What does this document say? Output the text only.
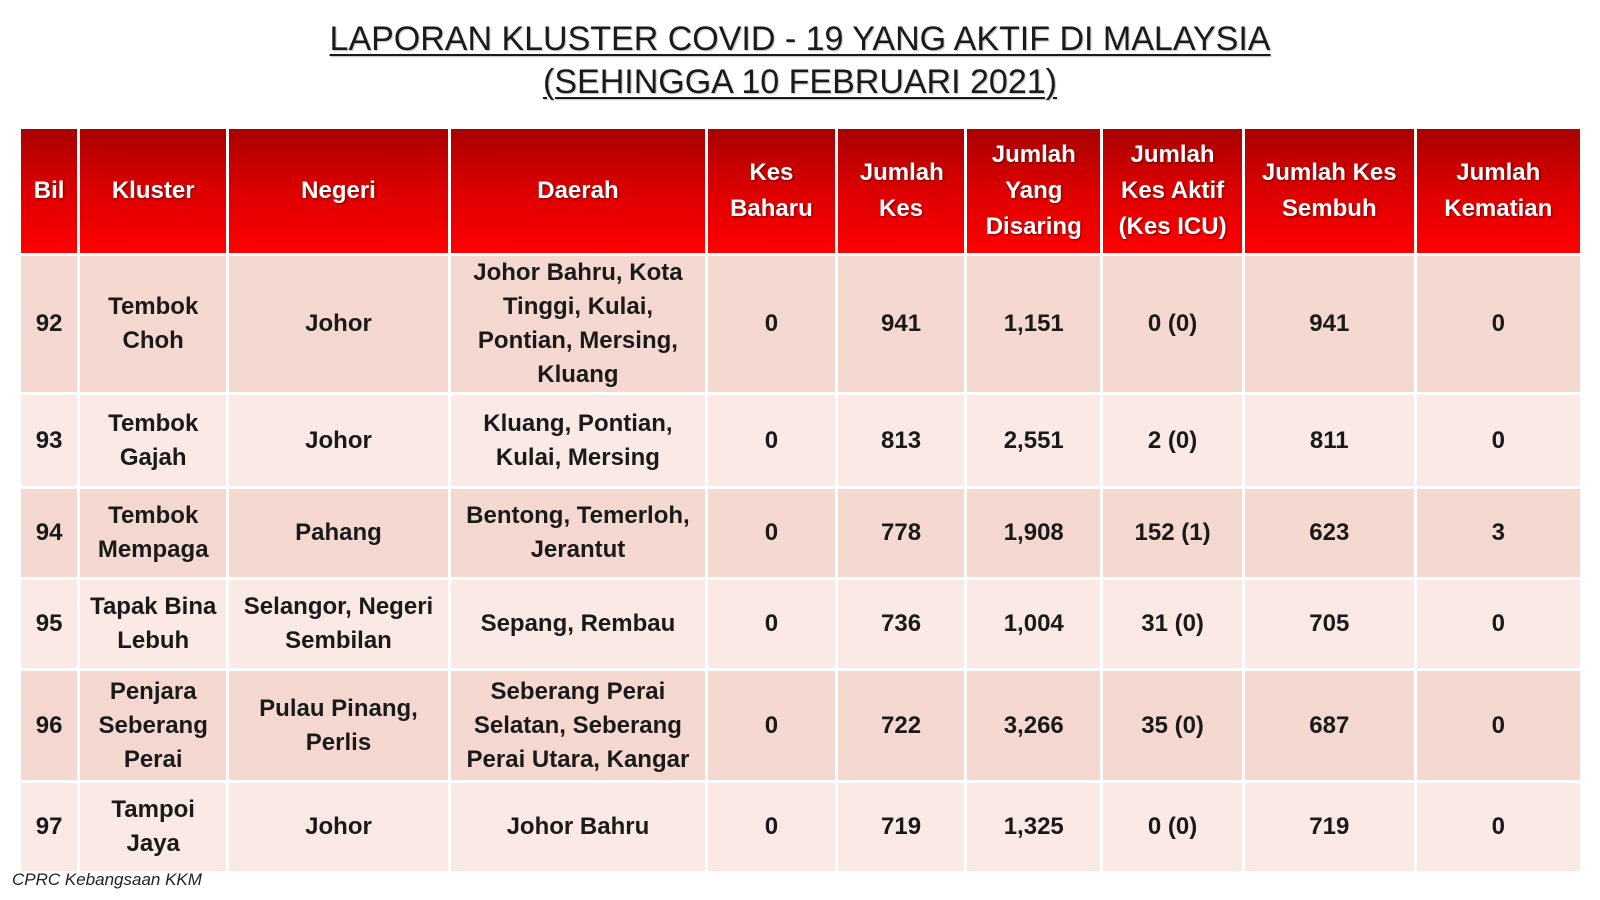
LAPORAN KLUSTER COVID - 19 YANG AKTIF DI MALAYSIA
(SEHINGGA 10 FEBRUARI 2021)
Bil	Kluster	Negeri	Daerah	Kes Baharu	Jumlah Kes	Jumlah Yang Disaring	Jumlah Kes Aktif (Kes ICU)	Jumlah Kes Sembuh	Jumlah Kematian
92	Tembok Choh	Johor	Johor Bahru, Kota Tinggi, Kulai, Pontian, Mersing, Kluang	0	941	1,151	0 (0)	941	0
93	Tembok Gajah	Johor	Kluang, Pontian, Kulai, Mersing	0	813	2,551	2 (0)	811	0
94	Tembok Mempaga	Pahang	Bentong, Temerloh, Jerantut	0	778	1,908	152 (1)	623	3
95	Tapak Bina Lebuh	Selangor, Negeri Sembilan	Sepang, Rembau	0	736	1,004	31 (0)	705	0
96	Penjara Seberang Perai	Pulau Pinang, Perlis	Seberang Perai Selatan, Seberang Perai Utara, Kangar	0	722	3,266	35 (0)	687	0
97	Tampoi Jaya	Johor	Johor Bahru	0	719	1,325	0 (0)	719	0
CPRC Kebangsaan KKM
